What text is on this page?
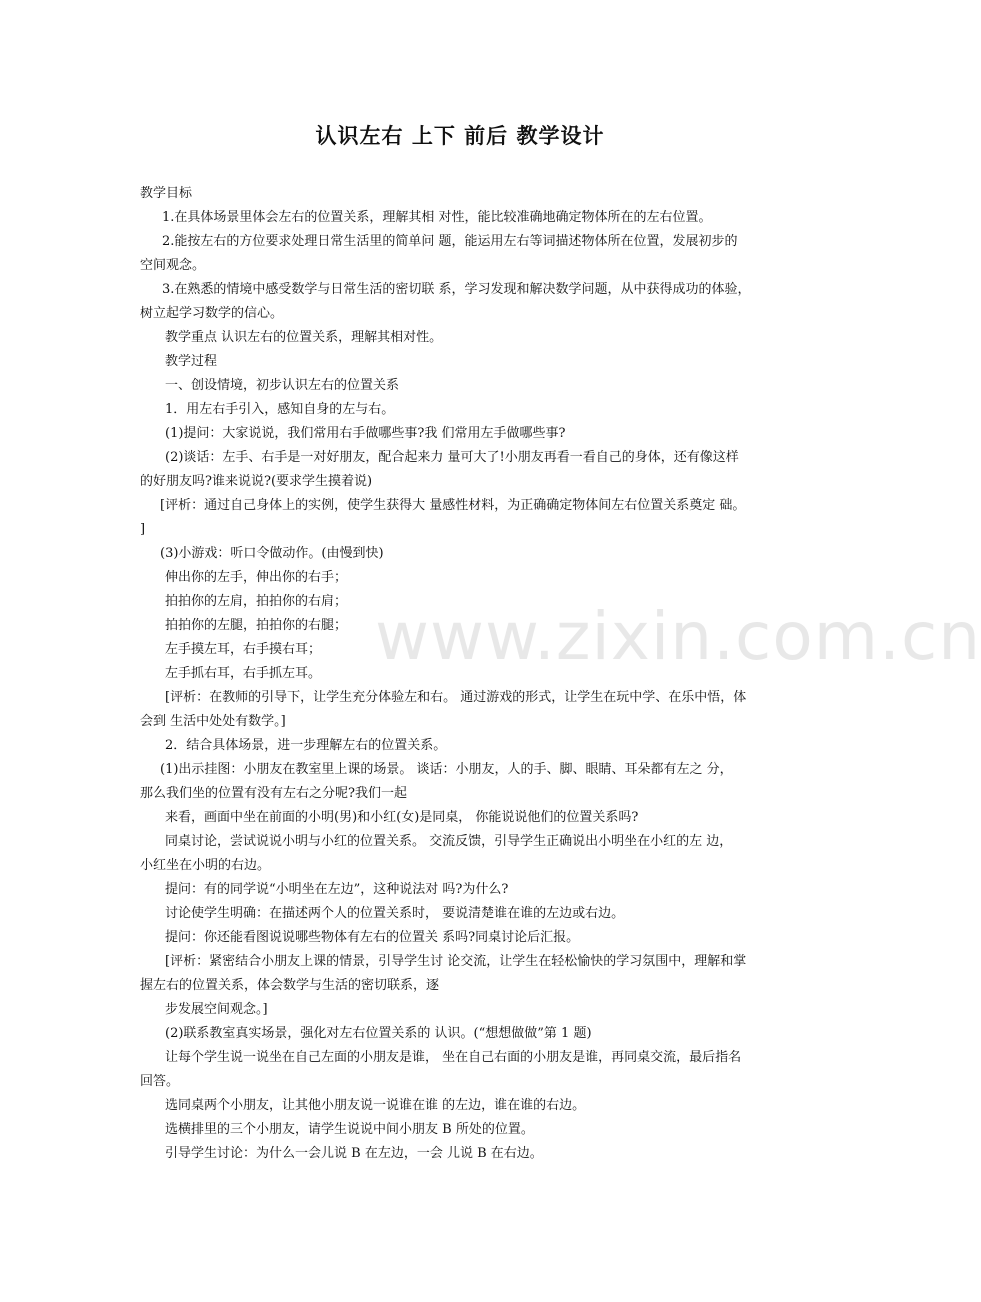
认识左右 上下 前后 教学设计
教学目标
1.在具体场景里体会左右的位置关系，理解其相 对性，能比较准确地确定物体所在的左右位置。
2.能按左右的方位要求处理日常生活里的简单问 题，能运用左右等词描述物体所在位置，发展初步的
空间观念。
3.在熟悉的情境中感受数学与日常生活的密切联 系，学习发现和解决数学问题，从中获得成功的体验，
树立起学习数学的信心。
教学重点 认识左右的位置关系，理解其相对性。
教学过程
一、创设情境，初步认识左右的位置关系
1．用左右手引入，感知自身的左与右。
(1)提问：大家说说，我们常用右手做哪些事?我 们常用左手做哪些事?
(2)谈话：左手、右手是一对好朋友，配合起来力 量可大了!小朋友再看一看自己的身体，还有像这样
的好朋友吗?谁来说说?(要求学生摸着说)
[评析：通过自己身体上的实例，使学生获得大 量感性材料，为正确确定物体间左右位置关系奠定 础。
]
(3)小游戏：听口令做动作。(由慢到快)
伸出你的左手，伸出你的右手；
拍拍你的左肩，拍拍你的右肩；
拍拍你的左腿，拍拍你的右腿；
左手摸左耳，右手摸右耳；
左手抓右耳，右手抓左耳。
[评析：在教师的引导下，让学生充分体验左和右。 通过游戏的形式，让学生在玩中学、在乐中悟，体
会到 生活中处处有数学。]
2．结合具体场景，进一步理解左右的位置关系。
(1)出示挂图：小朋友在教室里上课的场景。 谈话：小朋友，人的手、脚、眼睛、耳朵都有左之 分，
那么我们坐的位置有没有左右之分呢?我们一起
来看，画面中坐在前面的小明(男)和小红(女)是同桌， 你能说说他们的位置关系吗?
同桌讨论，尝试说说小明与小红的位置关系。 交流反馈，引导学生正确说出小明坐在小红的左 边，
小红坐在小明的右边。
提问：有的同学说“小明坐在左边”，这种说法对 吗?为什么?
讨论使学生明确：在描述两个人的位置关系时， 要说清楚谁在谁的左边或右边。
提问：你还能看图说说哪些物体有左右的位置关 系吗?同桌讨论后汇报。
[评析：紧密结合小朋友上课的情景，引导学生讨 论交流，让学生在轻松愉快的学习氛围中，理解和掌
握左右的位置关系，体会数学与生活的密切联系，逐
步发展空间观念。]
(2)联系教室真实场景，强化对左右位置关系的 认识。(“想想做做”第 1 题)
让每个学生说一说坐在自己左面的小朋友是谁， 坐在自己右面的小朋友是谁，再同桌交流，最后指名
回答。
选同桌两个小朋友，让其他小朋友说一说谁在谁 的左边，谁在谁的右边。
选横排里的三个小朋友，请学生说说中间小朋友 B 所处的位置。
引导学生讨论：为什么一会儿说 B 在左边，一会 儿说 B 在右边。
www.zixin.com.cn
